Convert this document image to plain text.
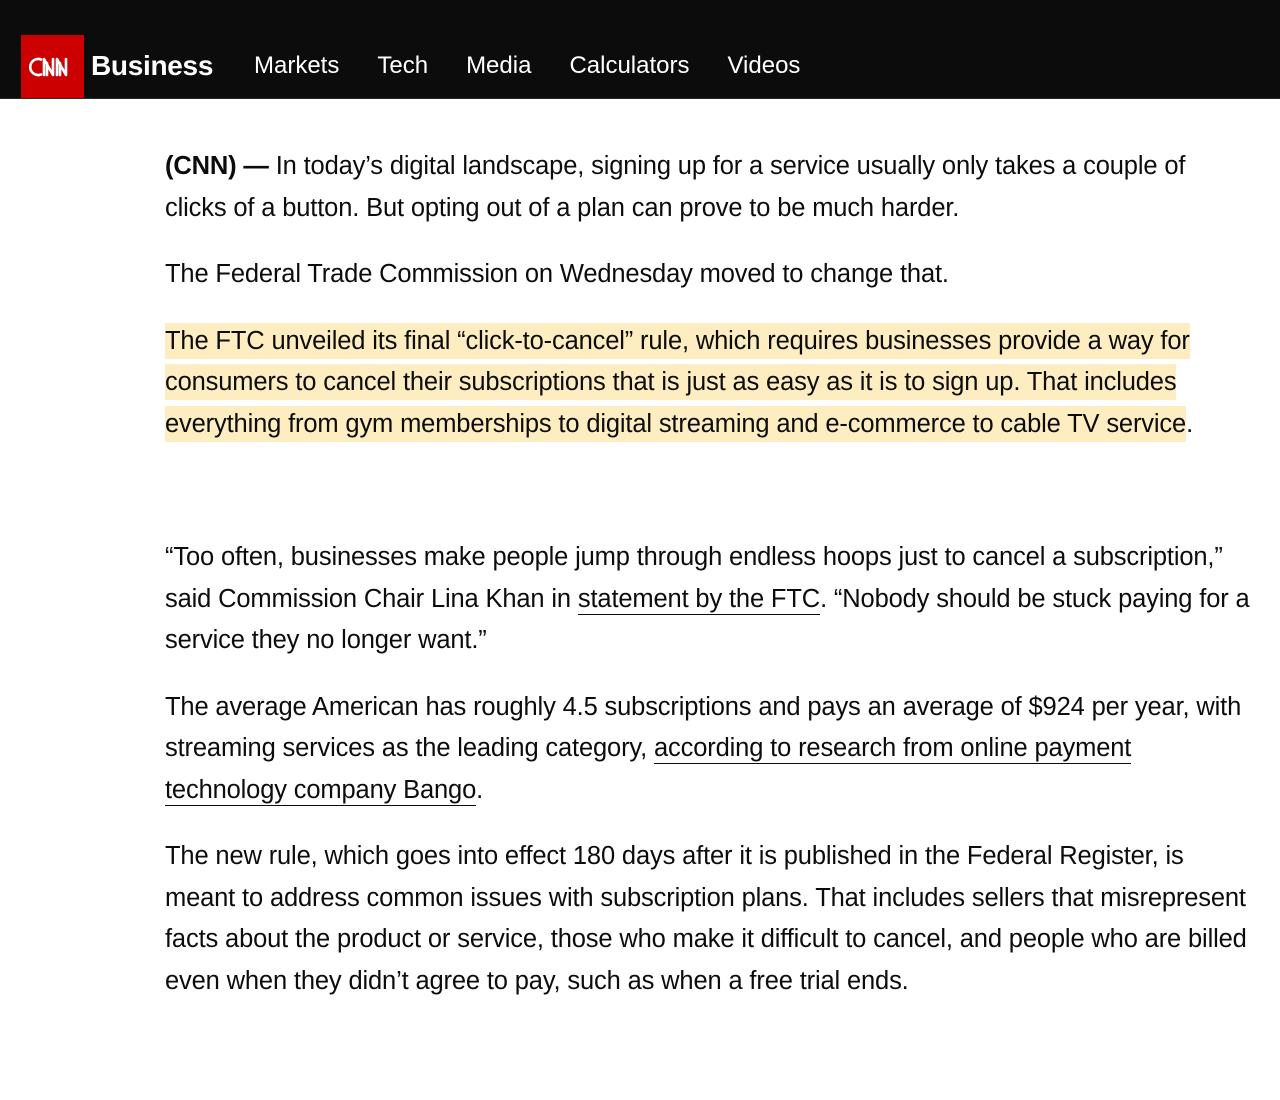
Business Markets Tech Media Calculators Videos

(CNN) — In today’s digital landscape, signing up for a service usually only takes a couple of clicks of a button. But opting out of a plan can prove to be much harder.

The Federal Trade Commission on Wednesday moved to change that.

The FTC unveiled its final “click-to-cancel” rule, which requires businesses provide a way for consumers to cancel their subscriptions that is just as easy as it is to sign up. That includes everything from gym memberships to digital streaming and e-commerce to cable TV service.

“Too often, businesses make people jump through endless hoops just to cancel a subscription,” said Commission Chair Lina Khan in statement by the FTC. “Nobody should be stuck paying for a service they no longer want.”

The average American has roughly 4.5 subscriptions and pays an average of $924 per year, with streaming services as the leading category, according to research from online payment technology company Bango.

The new rule, which goes into effect 180 days after it is published in the Federal Register, is meant to address common issues with subscription plans. That includes sellers that misrepresent facts about the product or service, those who make it difficult to cancel, and people who are billed even when they didn’t agree to pay, such as when a free trial ends.
